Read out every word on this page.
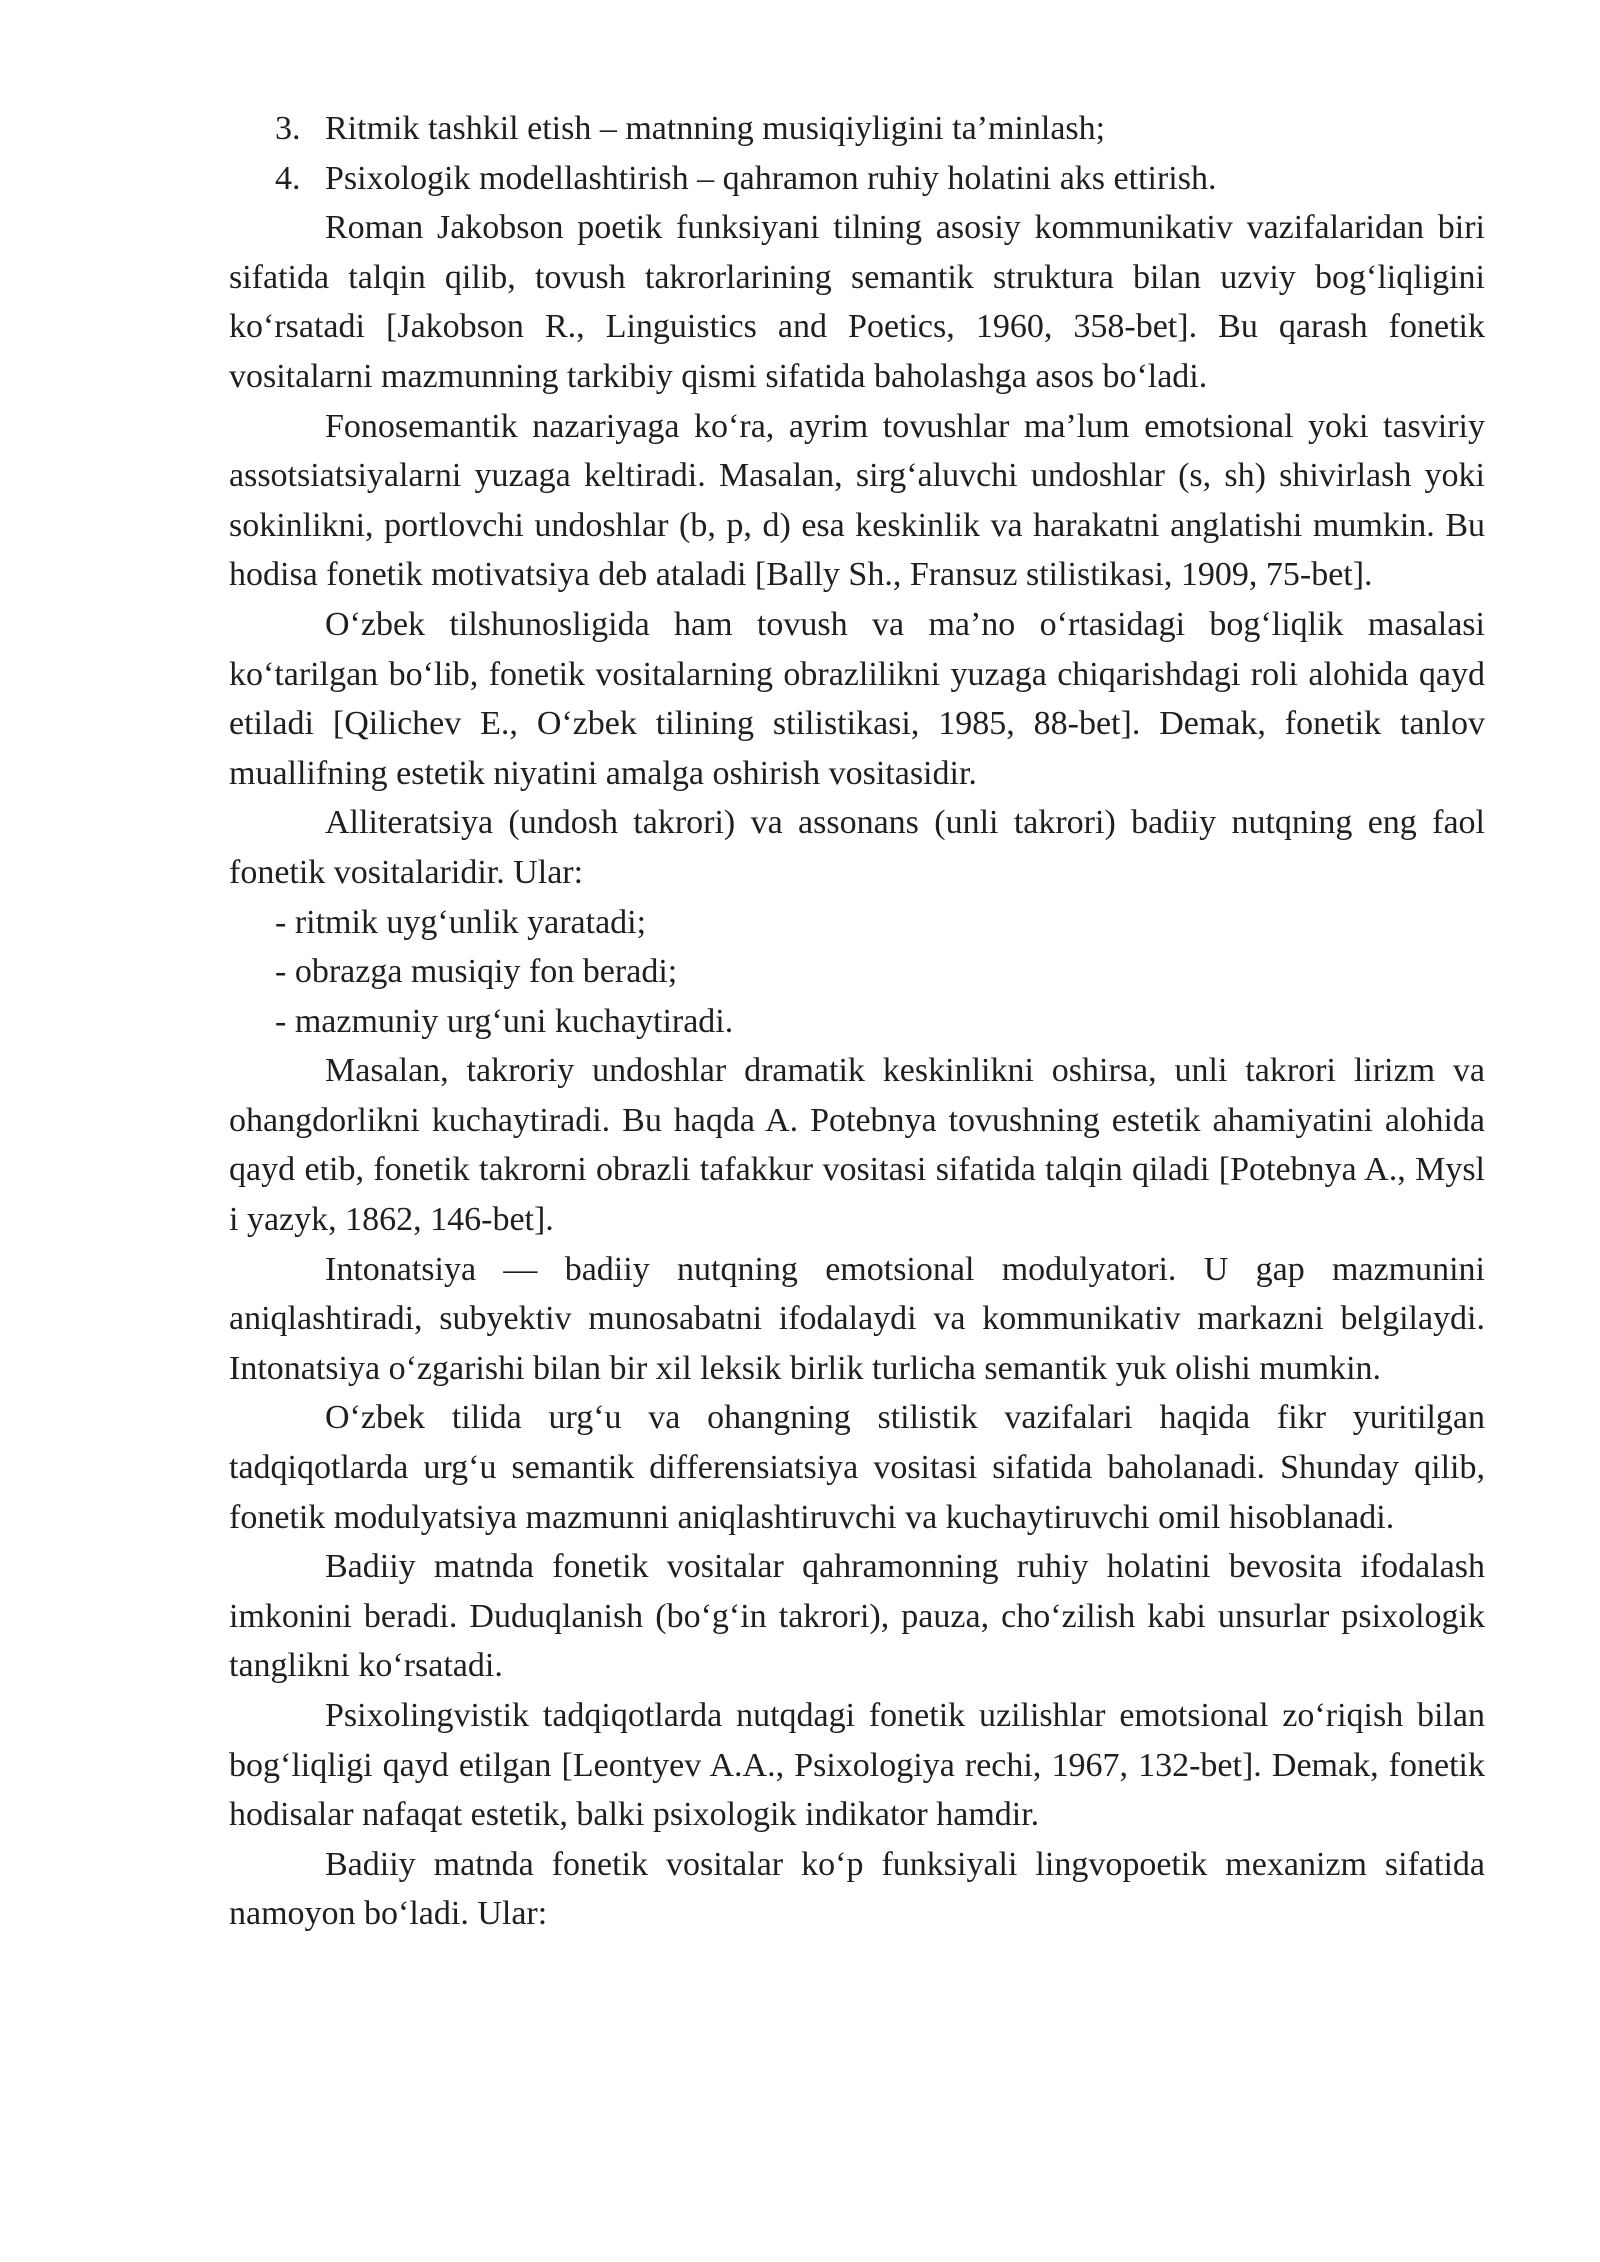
3. Ritmik tashkil etish – matnning musiqiyligini ta’minlash;

4. Psixologik modellashtirish – qahramon ruhiy holatini aks ettirish.

Roman Jakobson poetik funksiyani tilning asosiy kommunikativ vazifalaridan biri sifatida talqin qilib, tovush takrorlarining semantik struktura bilan uzviy bog‘liqligini ko‘rsatadi [Jakobson R., Linguistics and Poetics, 1960, 358-bet]. Bu qarash fonetik vositalarni mazmunning tarkibiy qismi sifatida baholashga asos bo‘ladi.

Fonosemantik nazariyaga ko‘ra, ayrim tovushlar ma’lum emotsional yoki tasviriy assotsiatsiyalarni yuzaga keltiradi. Masalan, sirg‘aluvchi undoshlar (s, sh) shivirlash yoki sokinlikni, portlovchi undoshlar (b, p, d) esa keskinlik va harakatni anglatishi mumkin. Bu hodisa fonetik motivatsiya deb ataladi [Bally Sh., Fransuz stilistikasi, 1909, 75-bet].

O‘zbek tilshunosligida ham tovush va ma’no o‘rtasidagi bog‘liqlik masalasi ko‘tarilgan bo‘lib, fonetik vositalarning obrazlilikni yuzaga chiqarishdagi roli alohida qayd etiladi [Qilichev E., O‘zbek tilining stilistikasi, 1985, 88-bet]. Demak, fonetik tanlov muallifning estetik niyatini amalga oshirish vositasidir.

Alliteratsiya (undosh takrori) va assonans (unli takrori) badiiy nutqning eng faol fonetik vositalaridir. Ular:

- ritmik uyg‘unlik yaratadi;

- obrazga musiqiy fon beradi;

- mazmuniy urg‘uni kuchaytiradi.

Masalan, takroriy undoshlar dramatik keskinlikni oshirsa, unli takrori lirizm va ohangdorlikni kuchaytiradi. Bu haqda A. Potebnya tovushning estetik ahamiyatini alohida qayd etib, fonetik takrorni obrazli tafakkur vositasi sifatida talqin qiladi [Potebnya A., Mysl i yazyk, 1862, 146-bet].

Intonatsiya — badiiy nutqning emotsional modulyatori. U gap mazmunini aniqlashtiradi, subyektiv munosabatni ifodalaydi va kommunikativ markazni belgilaydi. Intonatsiya o‘zgarishi bilan bir xil leksik birlik turlicha semantik yuk olishi mumkin.

O‘zbek tilida urg‘u va ohangning stilistik vazifalari haqida fikr yuritilgan tadqiqotlarda urg‘u semantik differensiatsiya vositasi sifatida baholanadi. Shunday qilib, fonetik modulyatsiya mazmunni aniqlashtiruvchi va kuchaytiruvchi omil hisoblanadi.

Badiiy matnda fonetik vositalar qahramonning ruhiy holatini bevosita ifodalash imkonini beradi. Duduqlanish (bo‘g‘in takrori), pauza, cho‘zilish kabi unsurlar psixologik tanglikni ko‘rsatadi.

Psixolingvistik tadqiqotlarda nutqdagi fonetik uzilishlar emotsional zo‘riqish bilan bog‘liqligi qayd etilgan [Leontyev A.A., Psixologiya rechi, 1967, 132-bet]. Demak, fonetik hodisalar nafaqat estetik, balki psixologik indikator hamdir.

Badiiy matnda fonetik vositalar ko‘p funksiyali lingvopoetik mexanizm sifatida namoyon bo‘ladi. Ular:
